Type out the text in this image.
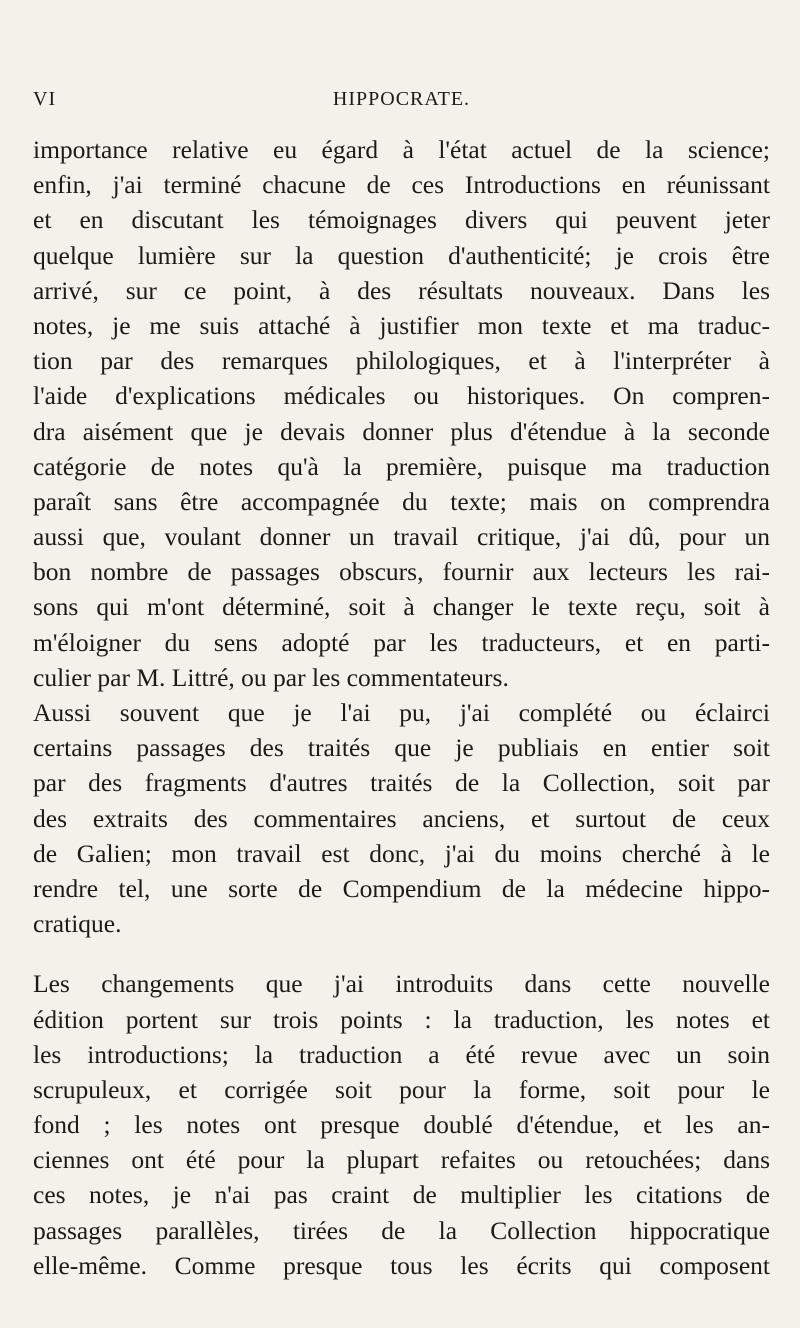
VI	HIPPOCRATE.
importance relative eu égard à l'état actuel de la science;
enfin, j'ai terminé chacune de ces Introductions en réunissant
et en discutant les témoignages divers qui peuvent jeter
quelque lumière sur la question d'authenticité; je crois être
arrivé, sur ce point, à des résultats nouveaux. Dans les
notes, je me suis attaché à justifier mon texte et ma traduc-
tion par des remarques philologiques, et à l'interpréter à
l'aide d'explications médicales ou historiques. On compren-
dra aisément que je devais donner plus d'étendue à la seconde
catégorie de notes qu'à la première, puisque ma traduction
paraît sans être accompagnée du texte; mais on comprendra
aussi que, voulant donner un travail critique, j'ai dû, pour un
bon nombre de passages obscurs, fournir aux lecteurs les rai-
sons qui m'ont déterminé, soit à changer le texte reçu, soit à
m'éloigner du sens adopté par les traducteurs, et en parti-
culier par M. Littré, ou par les commentateurs.
Aussi souvent que je l'ai pu, j'ai complété ou éclairci
certains passages des traités que je publiais en entier soit
par des fragments d'autres traités de la Collection, soit par
des extraits des commentaires anciens, et surtout de ceux
de Galien; mon travail est donc, j'ai du moins cherché à le
rendre tel, une sorte de Compendium de la médecine hippo-
cratique.
Les changements que j'ai introduits dans cette nouvelle
édition portent sur trois points : la traduction, les notes et
les introductions; la traduction a été revue avec un soin
scrupuleux, et corrigée soit pour la forme, soit pour le
fond ; les notes ont presque doublé d'étendue, et les an-
ciennes ont été pour la plupart refaites ou retouchées; dans
ces notes, je n'ai pas craint de multiplier les citations de
passages parallèles, tirées de la Collection hippocratique
elle-même. Comme presque tous les écrits qui composent
